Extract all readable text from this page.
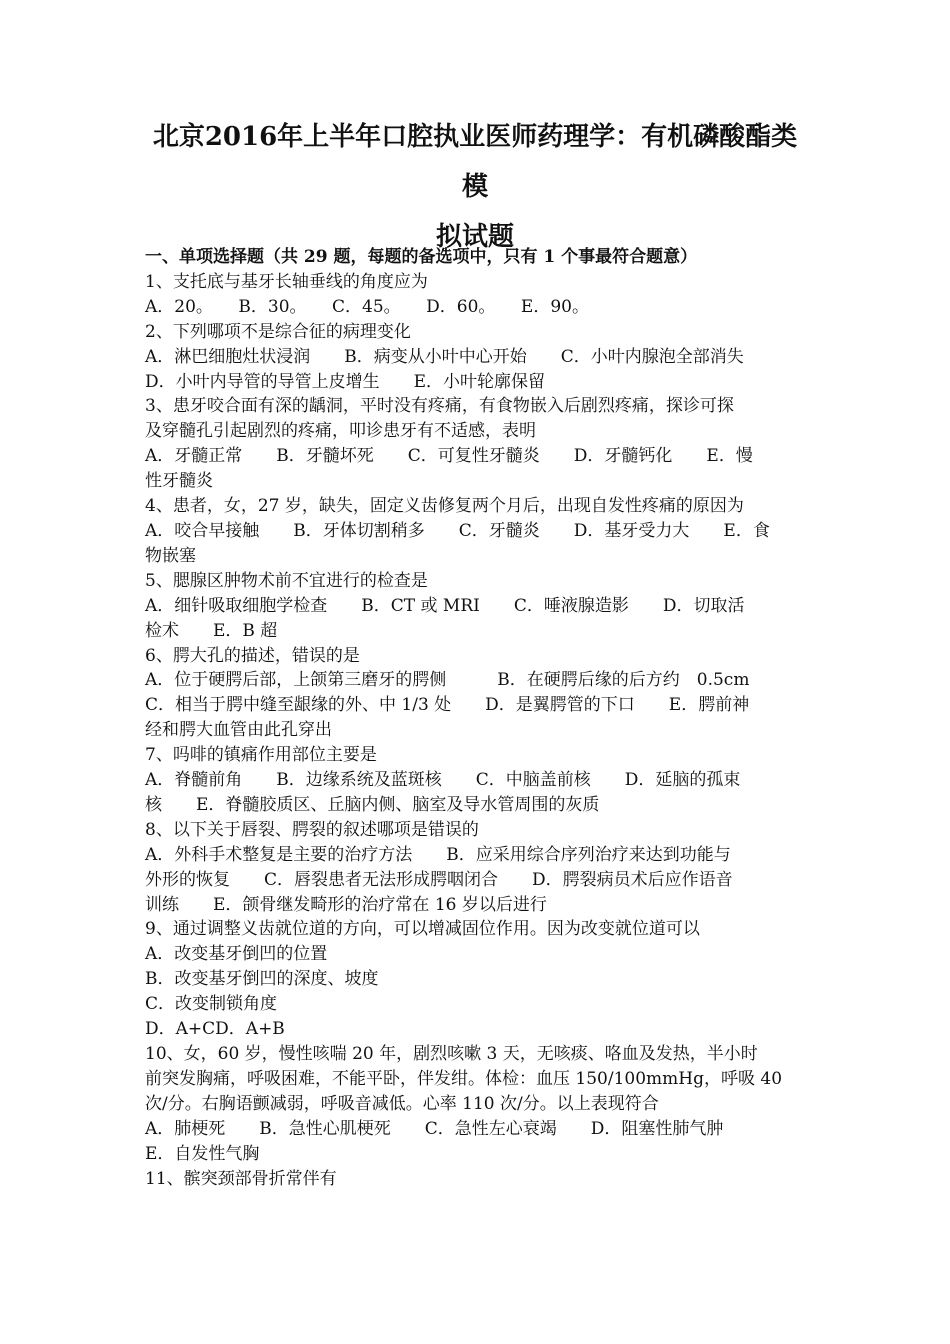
北京2016年上半年口腔执业医师药理学：有机磷酸酯类模
拟试题
一、单项选择题（共 29 题，每题的备选项中，只有 1 个事最符合题意）
1、支托底与基牙长轴垂线的角度应为
A．20。　　B．30。　　C．45。　　D．60。　　E．90。
2、下列哪项不是综合征的病理变化
A．淋巴细胞灶状浸润　　B．病变从小叶中心开始　　C．小叶内腺泡全部消失
D．小叶内导管的导管上皮增生　　E．小叶轮廓保留
3、患牙咬合面有深的龋洞，平时没有疼痛，有食物嵌入后剧烈疼痛，探诊可探
及穿髓孔引起剧烈的疼痛，叩诊患牙有不适感，表明
A．牙髓正常　　B．牙髓坏死　　C．可复性牙髓炎　　D．牙髓钙化　　E．慢
性牙髓炎
4、患者，女，27 岁，缺失，固定义齿修复两个月后，出现自发性疼痛的原因为
A．咬合早接触　　B．牙体切割稍多　　C．牙髓炎　　D．基牙受力大　　E．食
物嵌塞
5、腮腺区肿物术前不宜进行的检查是
A．细针吸取细胞学检查　　B．CT 或 MRI　　C．唾液腺造影　　D．切取活
检术　　E．B 超
6、腭大孔的描述，错误的是
A．位于硬腭后部，上颌第三磨牙的腭侧　　　B．在硬腭后缘的后方约　0.5cm
C．相当于腭中缝至龈缘的外、中 1/3 处　　D．是翼腭管的下口　　E．腭前神
经和腭大血管由此孔穿出
7、吗啡的镇痛作用部位主要是
A．脊髓前角　　B．边缘系统及蓝斑核　　C．中脑盖前核　　D．延脑的孤束
核　　E．脊髓胶质区、丘脑内侧、脑室及导水管周围的灰质
8、以下关于唇裂、腭裂的叙述哪项是错误的
A．外科手术整复是主要的治疗方法　　B．应采用综合序列治疗来达到功能与
外形的恢复　　C．唇裂患者无法形成腭咽闭合　　D．腭裂病员术后应作语音
训练　　E．颌骨继发畸形的治疗常在 16 岁以后进行
9、通过调整义齿就位道的方向，可以增减固位作用。因为改变就位道可以
A．改变基牙倒凹的位置
B．改变基牙倒凹的深度、坡度
C．改变制锁角度
D．A+CD．A+B
10、女，60 岁，慢性咳喘 20 年，剧烈咳嗽 3 天，无咳痰、咯血及发热，半小时
前突发胸痛，呼吸困难，不能平卧，伴发绀。体检：血压 150/100mmHg，呼吸 40
次/分。右胸语颤减弱，呼吸音减低。心率 110 次/分。以上表现符合
A．肺梗死　　B．急性心肌梗死　　C．急性左心衰竭　　D．阻塞性肺气肿
E．自发性气胸
11、髌突颈部骨折常伴有
